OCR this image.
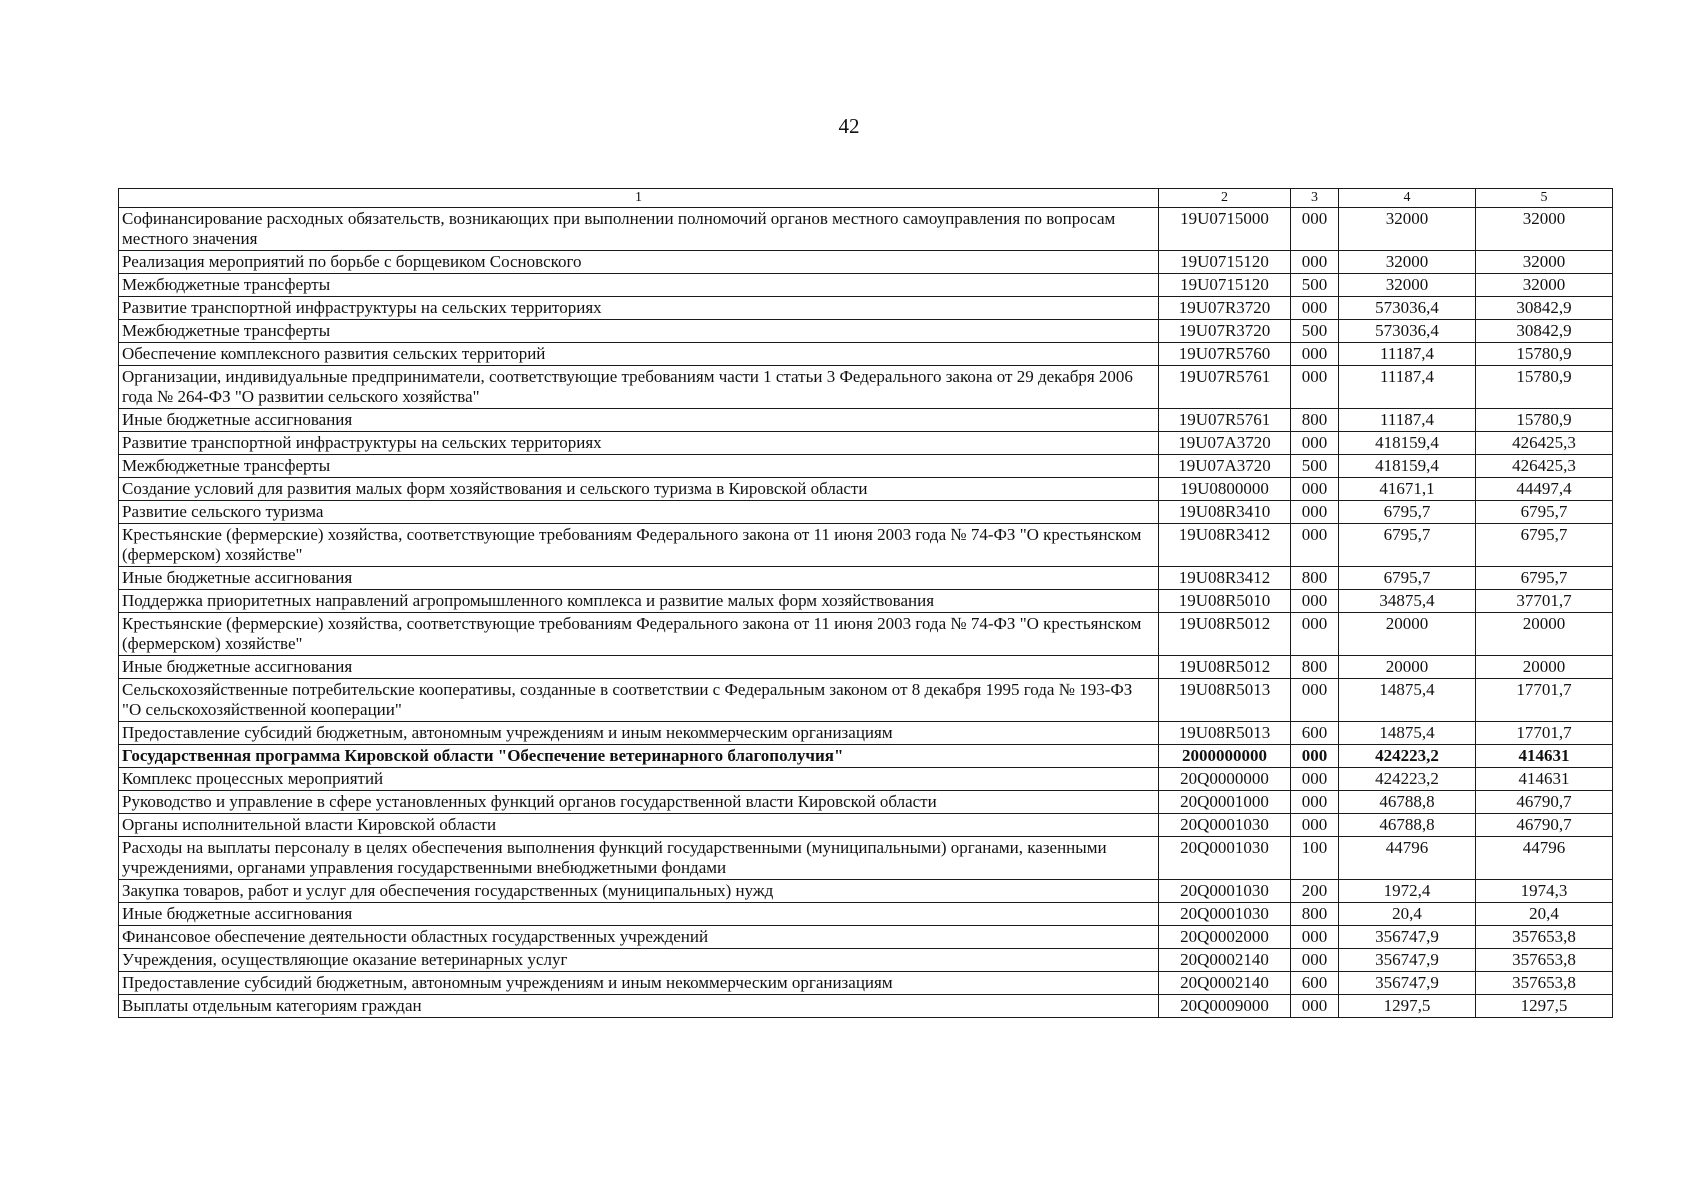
42
1	2	3	4	5
Софинансирование расходных обязательств, возникающих при выполнении полномочий органов местного самоуправления по вопросам местного значения	19U0715000	000	32000	32000
Реализация мероприятий по борьбе с борщевиком Сосновского	19U0715120	000	32000	32000
Межбюджетные трансферты	19U0715120	500	32000	32000
Развитие транспортной инфраструктуры на сельских территориях	19U07R3720	000	573036,4	30842,9
Межбюджетные трансферты	19U07R3720	500	573036,4	30842,9
Обеспечение комплексного развития сельских территорий	19U07R5760	000	11187,4	15780,9
Организации, индивидуальные предприниматели, соответствующие требованиям части 1 статьи 3 Федерального закона от 29 декабря 2006 года № 264-ФЗ "О развитии сельского хозяйства"	19U07R5761	000	11187,4	15780,9
Иные бюджетные ассигнования	19U07R5761	800	11187,4	15780,9
Развитие транспортной инфраструктуры на сельских территориях	19U07A3720	000	418159,4	426425,3
Межбюджетные трансферты	19U07A3720	500	418159,4	426425,3
Создание условий для развития малых форм хозяйствования и сельского туризма в Кировской области	19U0800000	000	41671,1	44497,4
Развитие сельского туризма	19U08R3410	000	6795,7	6795,7
Крестьянские (фермерские) хозяйства, соответствующие требованиям Федерального закона от 11 июня 2003 года № 74-ФЗ "О крестьянском (фермерском) хозяйстве"	19U08R3412	000	6795,7	6795,7
Иные бюджетные ассигнования	19U08R3412	800	6795,7	6795,7
Поддержка приоритетных направлений агропромышленного комплекса и развитие малых форм хозяйствования	19U08R5010	000	34875,4	37701,7
Крестьянские (фермерские) хозяйства, соответствующие требованиям Федерального закона от 11 июня 2003 года № 74-ФЗ "О крестьянском (фермерском) хозяйстве"	19U08R5012	000	20000	20000
Иные бюджетные ассигнования	19U08R5012	800	20000	20000
Сельскохозяйственные потребительские кооперативы, созданные в соответствии с Федеральным законом от 8 декабря 1995 года № 193-ФЗ "О сельскохозяйственной кооперации"	19U08R5013	000	14875,4	17701,7
Предоставление субсидий бюджетным, автономным учреждениям и иным некоммерческим организациям	19U08R5013	600	14875,4	17701,7
Государственная программа Кировской области "Обеспечение ветеринарного благополучия"	2000000000	000	424223,2	414631
Комплекс процессных мероприятий	20Q0000000	000	424223,2	414631
Руководство и управление в сфере установленных функций органов государственной власти Кировской области	20Q0001000	000	46788,8	46790,7
Органы исполнительной власти Кировской области	20Q0001030	000	46788,8	46790,7
Расходы на выплаты персоналу в целях обеспечения выполнения функций государственными (муниципальными) органами, казенными учреждениями, органами управления государственными внебюджетными фондами	20Q0001030	100	44796	44796
Закупка товаров, работ и услуг для обеспечения государственных (муниципальных) нужд	20Q0001030	200	1972,4	1974,3
Иные бюджетные ассигнования	20Q0001030	800	20,4	20,4
Финансовое обеспечение деятельности областных государственных учреждений	20Q0002000	000	356747,9	357653,8
Учреждения, осуществляющие оказание ветеринарных услуг	20Q0002140	000	356747,9	357653,8
Предоставление субсидий бюджетным, автономным учреждениям и иным некоммерческим организациям	20Q0002140	600	356747,9	357653,8
Выплаты отдельным категориям граждан	20Q0009000	000	1297,5	1297,5
